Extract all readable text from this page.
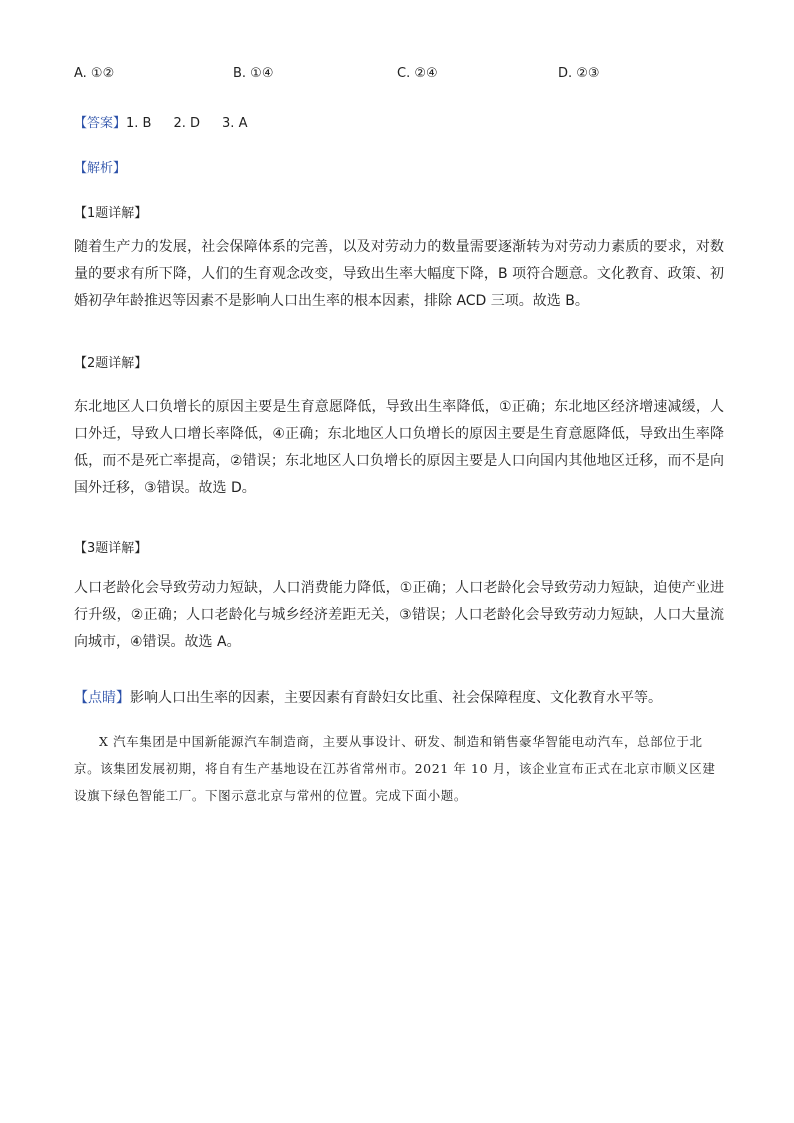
A. ①②	B. ①④	C. ②④	D. ②③
【答案】1. B 2. D 3. A
【解析】
【1题详解】

随着生产力的发展，社会保障体系的完善，以及对劳动力的数量需要逐渐转为对劳动力素质的要求，对数量的要求有所下降，人们的生育观念改变，导致出生率大幅度下降，B 项符合题意。文化教育、政策、初婚初孕年龄推迟等因素不是影响人口出生率的根本因素，排除 ACD 三项。故选 B。

【2题详解】

东北地区人口负增长的原因主要是生育意愿降低，导致出生率降低，①正确；东北地区经济增速减缓，人口外迁，导致人口增长率降低，④正确；东北地区人口负增长的原因主要是生育意愿降低，导致出生率降低，而不是死亡率提高，②错误；东北地区人口负增长的原因主要是人口向国内其他地区迁移，而不是向国外迁移，③错误。故选 D。

【3题详解】

人口老龄化会导致劳动力短缺，人口消费能力降低，①正确；人口老龄化会导致劳动力短缺，迫使产业进行升级，②正确；人口老龄化与城乡经济差距无关，③错误；人口老龄化会导致劳动力短缺，人口大量流向城市，④错误。故选 A。

【点睛】影响人口出生率的因素，主要因素有育龄妇女比重、社会保障程度、文化教育水平等。

X 汽车集团是中国新能源汽车制造商，主要从事设计、研发、制造和销售豪华智能电动汽车，总部位于北京。该集团发展初期，将自有生产基地设在江苏省常州市。2021 年 10 月，该企业宣布正式在北京市顺义区建设旗下绿色智能工厂。下图示意北京与常州的位置。完成下面小题。
